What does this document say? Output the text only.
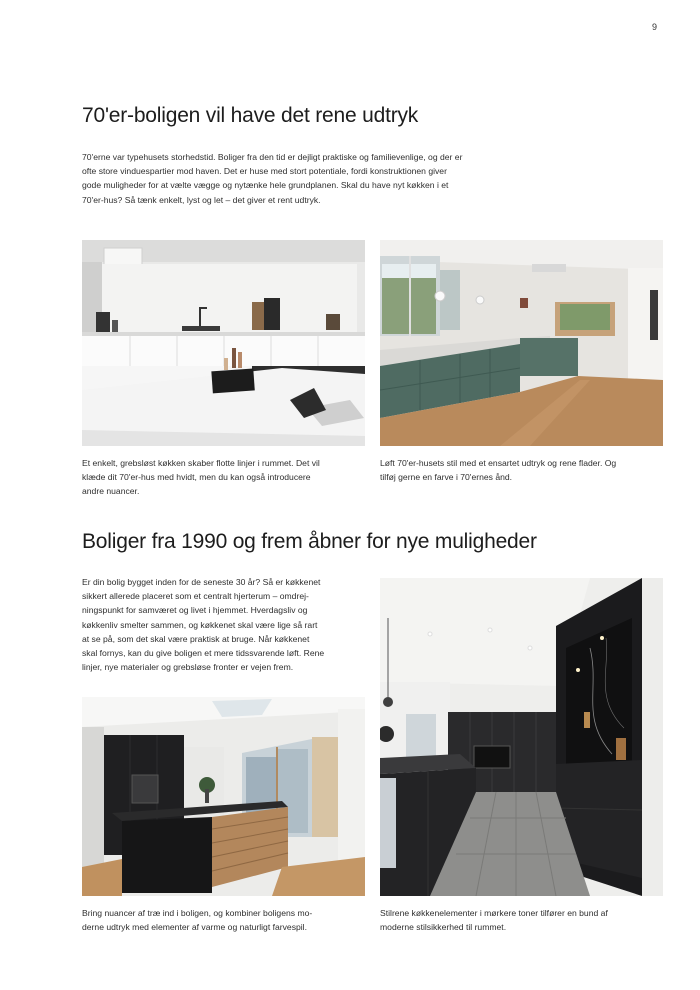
9
70'er-boligen vil have det rene udtryk

70'erne var typehusets storhedstid. Boliger fra den tid er dejligt praktiske og familievenlige, og der er
ofte store vinduespartier mod haven. Det er huse med stort potentiale, fordi konstruktionen giver
gode muligheder for at vælte vægge og nytænke hele grundplanen. Skal du have nyt køkken i et
70'er-hus? Så tænk enkelt, lyst og let – det giver et rent udtryk.

Et enkelt, grebsløst køkken skaber flotte linjer i rummet. Det vil
klæde dit 70'er-hus med hvidt, men du kan også introducere
andre nuancer.

Løft 70'er-husets stil med et ensartet udtryk og rene flader. Og
tilføj gerne en farve i 70'ernes ånd.

Boliger fra 1990 og frem åbner for nye muligheder

Er din bolig bygget inden for de seneste 30 år? Så er køkkenet
sikkert allerede placeret som et centralt hjerterum – omdrej-
ningspunkt for samværet og livet i hjemmet. Hverdagsliv og
køkkenliv smelter sammen, og køkkenet skal være lige så rart
at se på, som det skal være praktisk at bruge. Når køkkenet
skal fornys, kan du give boligen et mere tidssvarende løft. Rene
linjer, nye materialer og grebsløse fronter er vejen frem.

Bring nuancer af træ ind i boligen, og kombiner boligens mo-
derne udtryk med elementer af varme og naturligt farvespil.

Stilrene køkkenelementer i mørkere toner tilfører en bund af
moderne stilsikkerhed til rummet.
